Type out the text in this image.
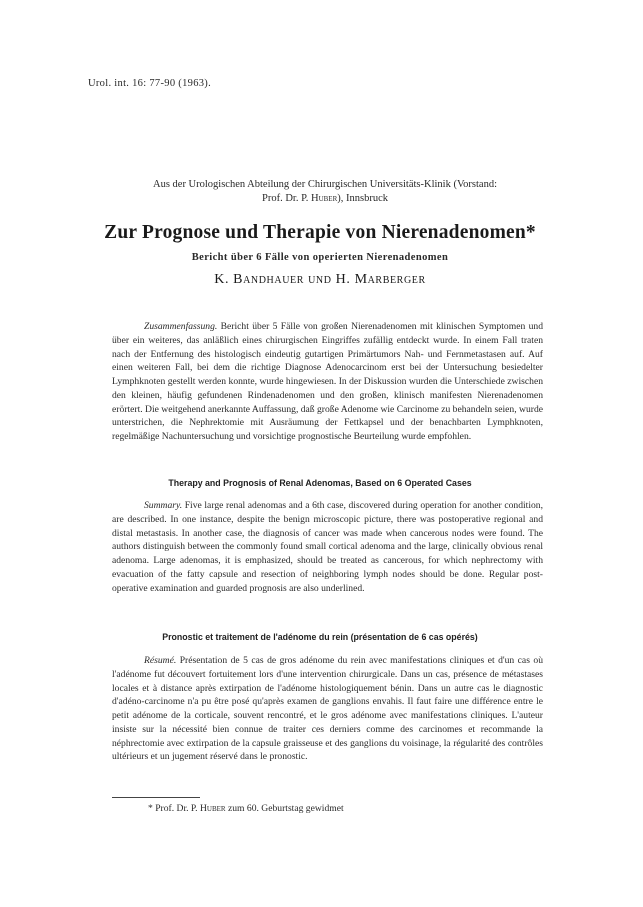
Urol. int. 16: 77-90 (1963).
Aus der Urologischen Abteilung der Chirurgischen Universitäts-Klinik (Vorstand:
Prof. Dr. P. Huber), Innsbruck
Zur Prognose und Therapie von Nierenadenomen*
Bericht über 6 Fälle von operierten Nierenadenomen
K. Bandhauer und H. Marberger

Zusammenfassung. Bericht über 5 Fälle von großen Nierenadenomen mit klinischen Symptomen und über ein weiteres, das anläßlich eines chirurgischen Eingriffes zufällig entdeckt wurde. In einem Fall traten nach der Entfernung des histologisch eindeutig gutartigen Primärtumors Nah- und Fernmetastasen auf. Auf einen weiteren Fall, bei dem die richtige Diagnose Adenocarcinom erst bei der Untersuchung besiedelter Lymphknoten gestellt werden konnte, wurde hingewiesen. In der Diskussion wurden die Unterschiede zwischen den kleinen, häufig gefundenen Rindenadenomen und den großen, klinisch manifesten Nierenadenomen erörtert. Die weitgehend anerkannte Auffassung, daß große Adenome wie Carcinome zu behandeln seien, wurde unterstrichen, die Nephrektomie mit Ausräumung der Fettkapsel und der benachbarten Lymphknoten, regelmäßige Nachuntersuchung und vorsichtige prognostische Beurteilung wurde empfohlen.

Therapy and Prognosis of Renal Adenomas, Based on 6 Operated Cases

Summary. Five large renal adenomas and a 6th case, discovered during operation for another condition, are described. In one instance, despite the benign microscopic picture, there was postoperative regional and distal metastasis. In another case, the diagnosis of cancer was made when cancerous nodes were found. The authors distinguish between the commonly found small cortical adenoma and the large, clinically obvious renal adenoma. Large adenomas, it is emphasized, should be treated as cancerous, for which nephrectomy with evacuation of the fatty capsule and resection of neighboring lymph nodes should be done. Regular post-operative examination and guarded prognosis are also underlined.

Pronostic et traitement de l'adénome du rein (présentation de 6 cas opérés)

Résumé. Présentation de 5 cas de gros adénome du rein avec manifestations cliniques et d'un cas où l'adénome fut découvert fortuitement lors d'une intervention chirurgicale. Dans un cas, présence de métastases locales et à distance après extirpation de l'adénome histologiquement bénin. Dans un autre cas le diagnostic d'adéno-carcinome n'a pu être posé qu'après examen de ganglions envahis. Il faut faire une différence entre le petit adénome de la corticale, souvent rencontré, et le gros adénome avec manifestations cliniques. L'auteur insiste sur la nécessité bien connue de traiter ces derniers comme des carcinomes et recommande la néphrectomie avec extirpation de la capsule graisseuse et des ganglions du voisinage, la régularité des contrôles ultérieurs et un jugement réservé dans le pronostic.

* Prof. Dr. P. Huber zum 60. Geburtstag gewidmet
